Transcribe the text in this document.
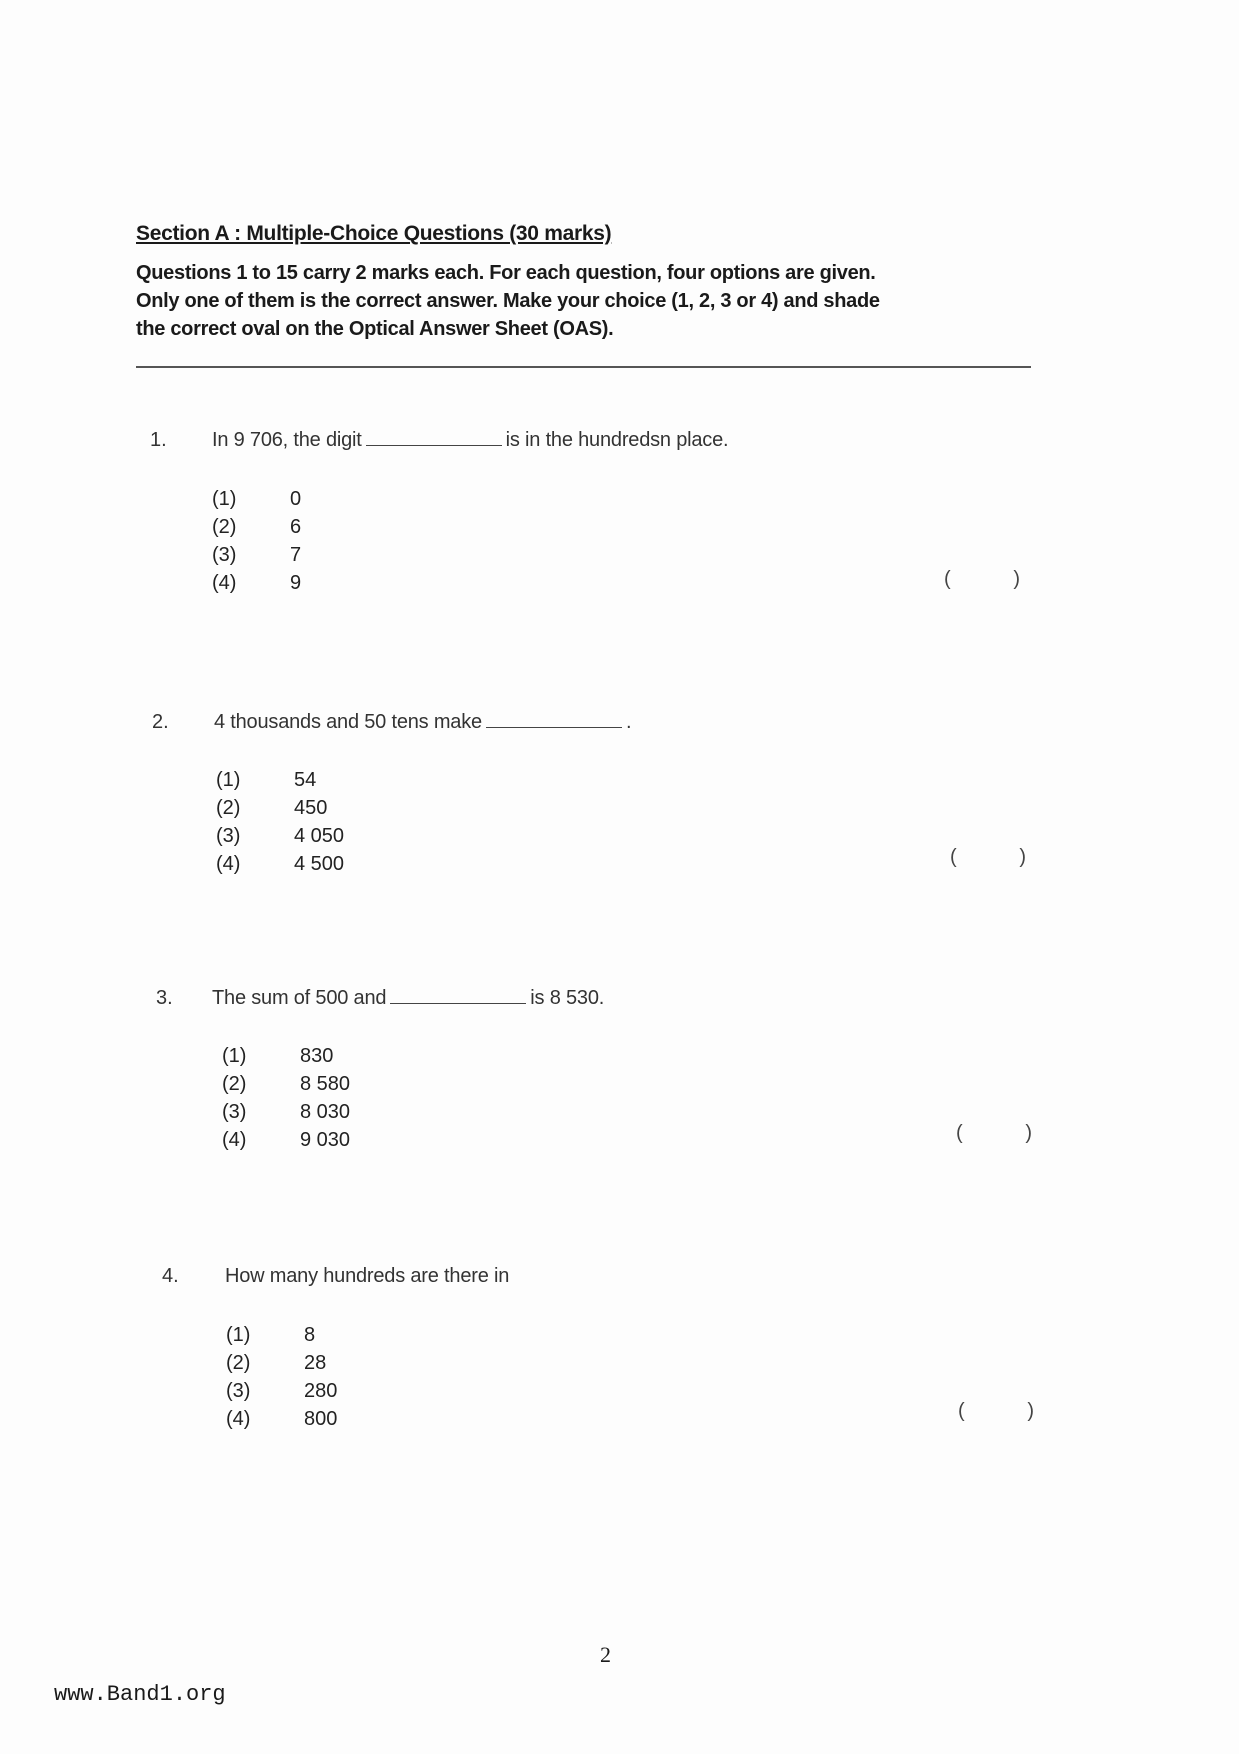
Section A : Multiple-Choice Questions (30 marks)
Questions 1 to 15 carry 2 marks each. For each question, four options are given.
Only one of them is the correct answer. Make your choice (1, 2, 3 or 4) and shade
the correct oval on the Optical Answer Sheet (OAS).
1. In 9 706, the digit	is in the hundredsn place.
(1)	0
(2)	6
(3)	7
(4)	9	(	)
2. 4 thousands and 50 tens make	.
(1)	54
(2)	450
(3)	4 050
(4)	4 500	(	)
3. The sum of 500 and	is 8 530.
(1)	830
(2)	8 580
(3)	8 030
(4)	9 030	(	)
4. How many hundreds are there in
(1)	8
(2)	28
(3)	280
(4)	800	(	)
2
www.Band1.org
